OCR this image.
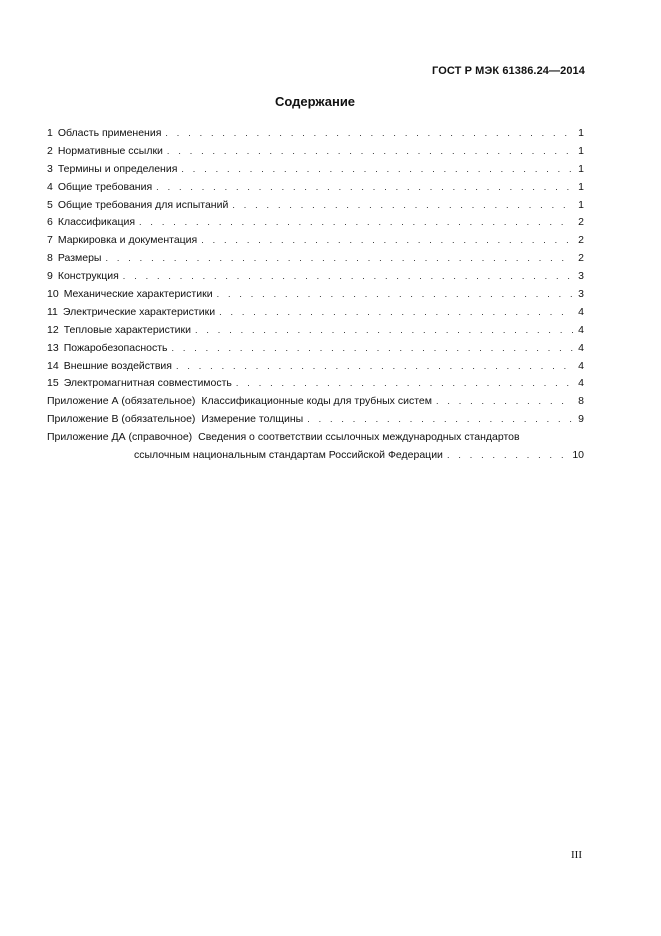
ГОСТ Р МЭК 61386.24—2014
Содержание
1 Область применения . . .	1
2 Нормативные ссылки . . .	1
3 Термины и определения . . .	1
4 Общие требования . . .	1
5 Общие требования для испытаний . . .	1
6 Классификация . . .	2
7 Маркировка и документация . . .	2
8 Размеры . . .	2
9 Конструкция . . .	3
10 Механические характеристики . . .	3
11 Электрические характеристики . . .	4
12 Тепловые характеристики . . .	4
13 Пожаробезопасность . . .	4
14 Внешние воздействия . . .	4
15 Электромагнитная совместимость . . .	4
Приложение А (обязательное) Классификационные коды для трубных систем . . .	8
Приложение В (обязательное) Измерение толщины . . .	9
Приложение ДА (справочное) Сведения о соответствии ссылочных международных стандартов
ссылочным национальным стандартам Российской Федерации . . .	10
III
